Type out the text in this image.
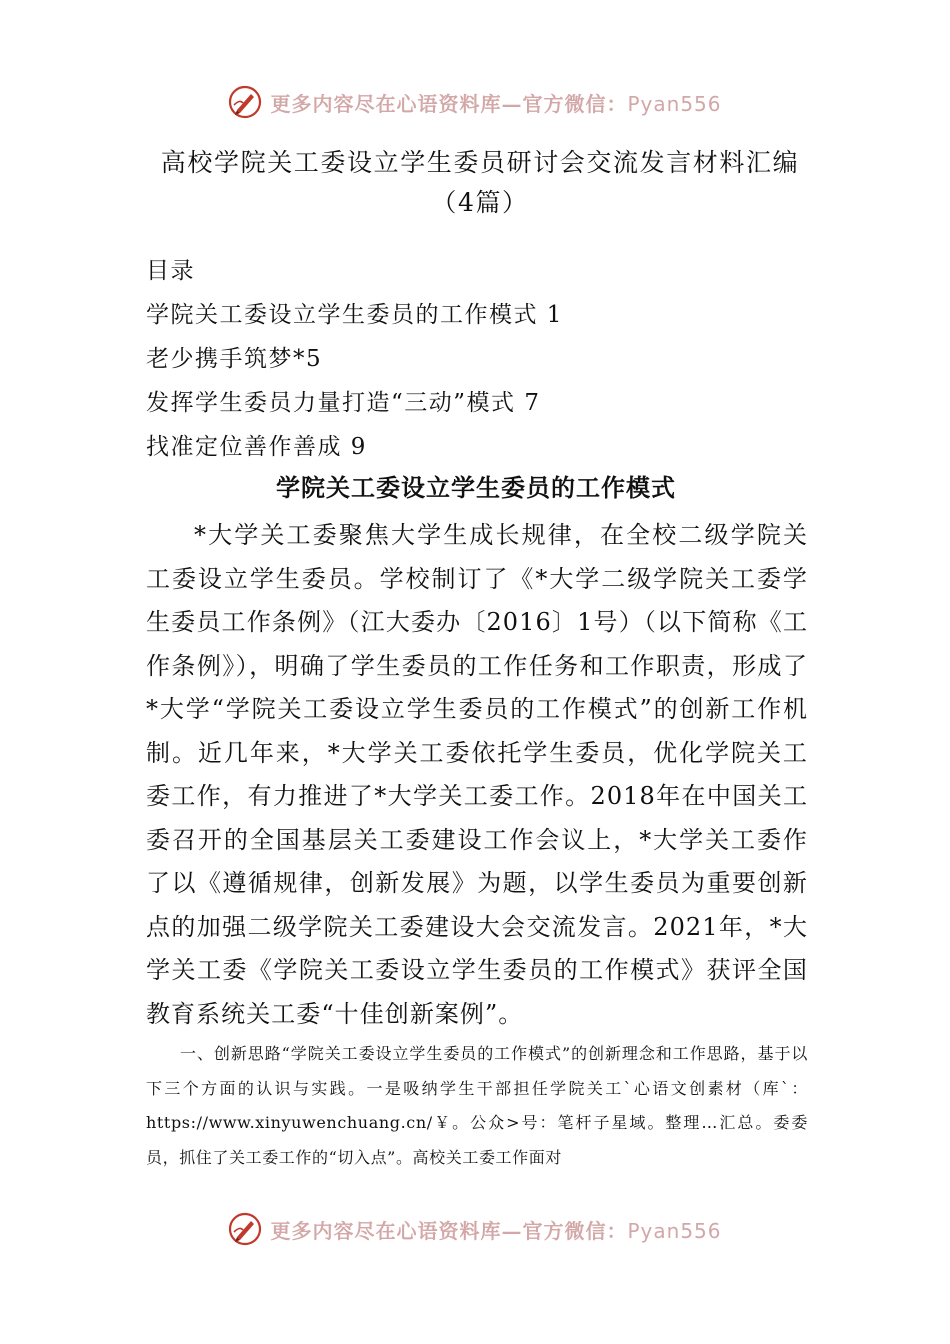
更多内容尽在心语资料库—官方微信：Pyan556
高校学院关工委设立学生委员研讨会交流发言材料汇编（4篇）
目录
学院关工委设立学生委员的工作模式 1
老少携手筑梦*5
发挥学生委员力量打造“三动”模式 7
找准定位善作善成 9
学院关工委设立学生委员的工作模式
*大学关工委聚焦大学生成长规律，在全校二级学院关工委设立学生委员。学校制订了《*大学二级学院关工委学生委员工作条例》（江大委办〔2016〕1号）（以下简称《工作条例》），明确了学生委员的工作任务和工作职责，形成了*大学“学院关工委设立学生委员的工作模式”的创新工作机制。近几年来，*大学关工委依托学生委员，优化学院关工委工作，有力推进了*大学关工委工作。2018年在中国关工委召开的全国基层关工委建设工作会议上，*大学关工委作了以《遵循规律，创新发展》为题，以学生委员为重要创新点的加强二级学院关工委建设大会交流发言。2021年，*大学关工委《学院关工委设立学生委员的工作模式》获评全国教育系统关工委“十佳创新案例”。
一、创新思路“学院关工委设立学生委员的工作模式”的创新理念和工作思路，基于以下三个方面的认识与实践。一是吸纳学生干部担任学院关工`心语文创素材（库`：https://www.xinyuwenchuang.cn/￥。公众>号：笔杆子星域。整理…汇总。委委员，抓住了关工委工作的“切入点”。高校关工委工作面对
更多内容尽在心语资料库—官方微信：Pyan556
